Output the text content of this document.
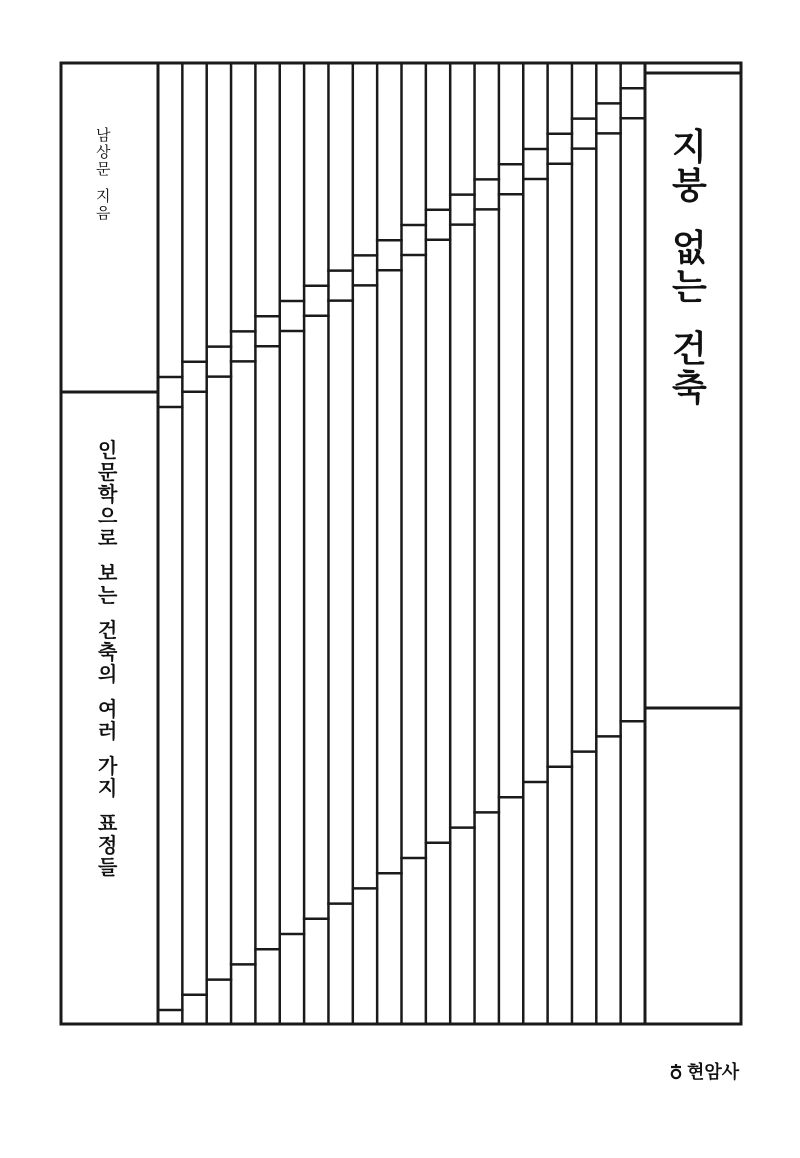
남
상
문
지
음
인
문
학
으
로
보
는
건
축
의
여
러
가
지
표
정
들
지
붕
없
는
건
축
현암사
